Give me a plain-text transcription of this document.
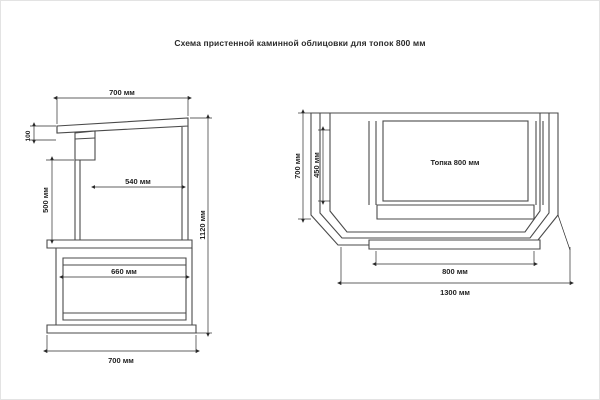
Схема пристенной каминной облицовки для топок 800 мм
700 мм
100
500 мм
540 мм
1120 мм
660 мм
700 мм
Топка 800 мм
450 мм
700 мм
800 мм
1300 мм
